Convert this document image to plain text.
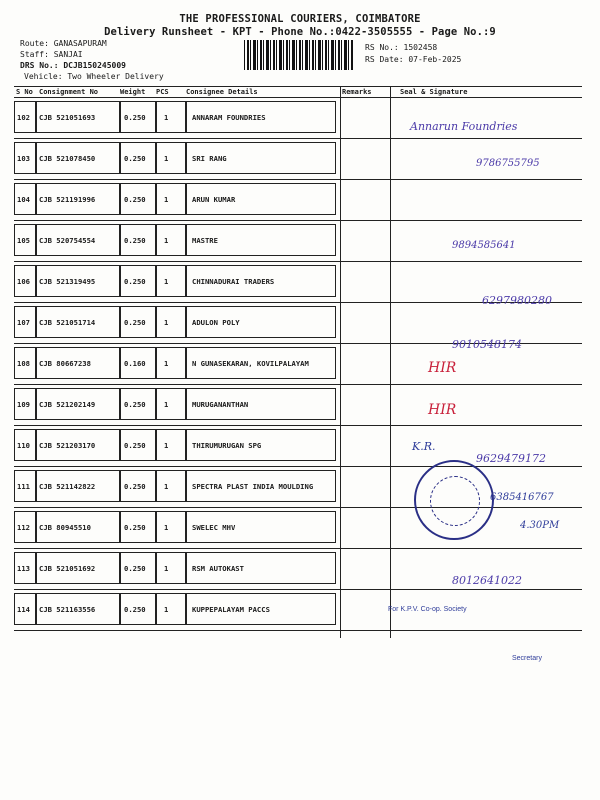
THE PROFESSIONAL COURIERS, COIMBATORE
Delivery Runsheet - KPT - Phone No.:0422-3505555 - Page No.:9
Route: GANASAPURAM
Staff: SANJAI
DRS No.: DCJB150245009
Vehicle: Two Wheeler Delivery
RS No.: 1502458
RS Date: 07-Feb-2025
S No Consignment No	Weight PCS Consignee Details	Remarks	Seal & Signature
102 CJB 521051693	0.250	1	ANNARAM FOUNDRIES
103 CJB 521078450	0.250	1	SRI RANG
104 CJB 521191996	0.250	1	ARUN KUMAR
105 CJB 520754554	0.250	1	MASTRE
106 CJB 521319495	0.250	1	CHINNADURAI TRADERS
107 CJB 521051714	0.250	1	ADULON POLY
108 CJB 80667238	0.160	1	N GUNASEKARAN, KOVILPALAYAM
109 CJB 521202149	0.250	1	MURUGANANTHAN
110 CJB 521203170	0.250	1	THIRUMURUGAN SPG
111 CJB 521142822	0.250	1	SPECTRA PLAST INDIA MOULDING
112 CJB 80945510	0.250	1	SWELEC MHV
113 CJB 521051692	0.250	1	RSM AUTOKAST
114 CJB 521163556	0.250	1	KUPPEPALAYAM PACCS
Annarun Foundries
9786755795
9894585641
6297980280
9010548174
HIR
HIR
K.R.
9629479172
6385416767
4.30PM
8012641022
For K.P.V. Co-op. Society
Secretary
